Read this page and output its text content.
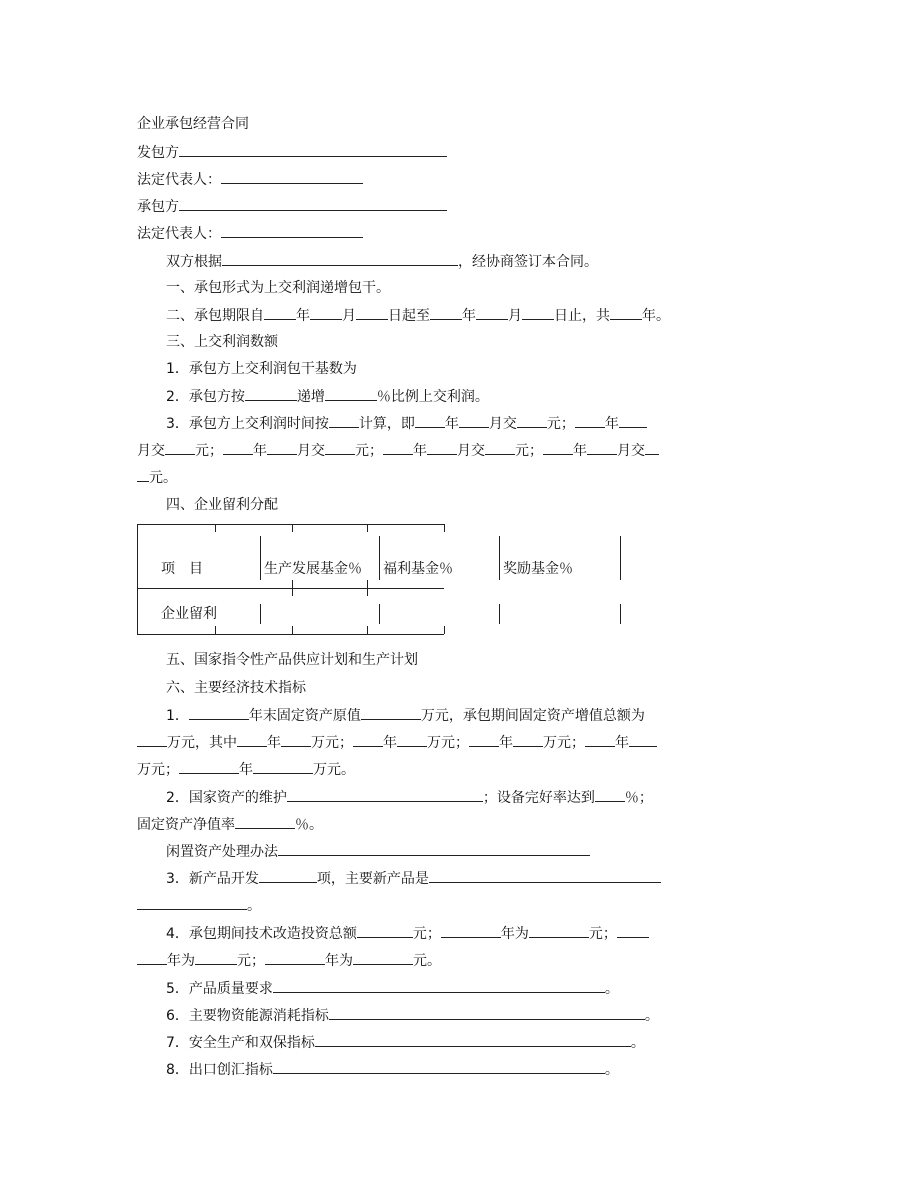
企业承包经营合同
发包方
法定代表人：
承包方
法定代表人：
双方根据	，经协商签订本合同。
一、承包形式为上交利润递增包干。
二、承包期限自 年 月 日起至 年 月 日止，共 年。
三、上交利润数额
1．承包方上交利润包干基数为
2．承包方按	递增	％比例上交利润。
3．承包方上交利润时间按 计算，即 年 月交 元； 年
月交 元； 年 月交 元； 年 月交 元； 年 月交
元。
四、企业留利分配
项　目	生产发展基金％ 福利基金％	奖励基金％
企业留利
五、国家指令性产品供应计划和生产计划
六、主要经济技术指标
1．	年末固定资产原值	万元，承包期间固定资产增值总额为
万元，其中 年 万元； 年 万元； 年 万元； 年
万元；	年	万元。
2．国家资产的维护	；设备完好率达到 ％；
固定资产净值率	％。
闲置资产处理办法
3．新产品开发	项，主要新产品是
。
4．承包期间技术改造投资总额	元；	年为	元；
年为	元；	年为	元。
5．产品质量要求	。
6．主要物资能源消耗指标	。
7．安全生产和双保指标	。
8．出口创汇指标	。
